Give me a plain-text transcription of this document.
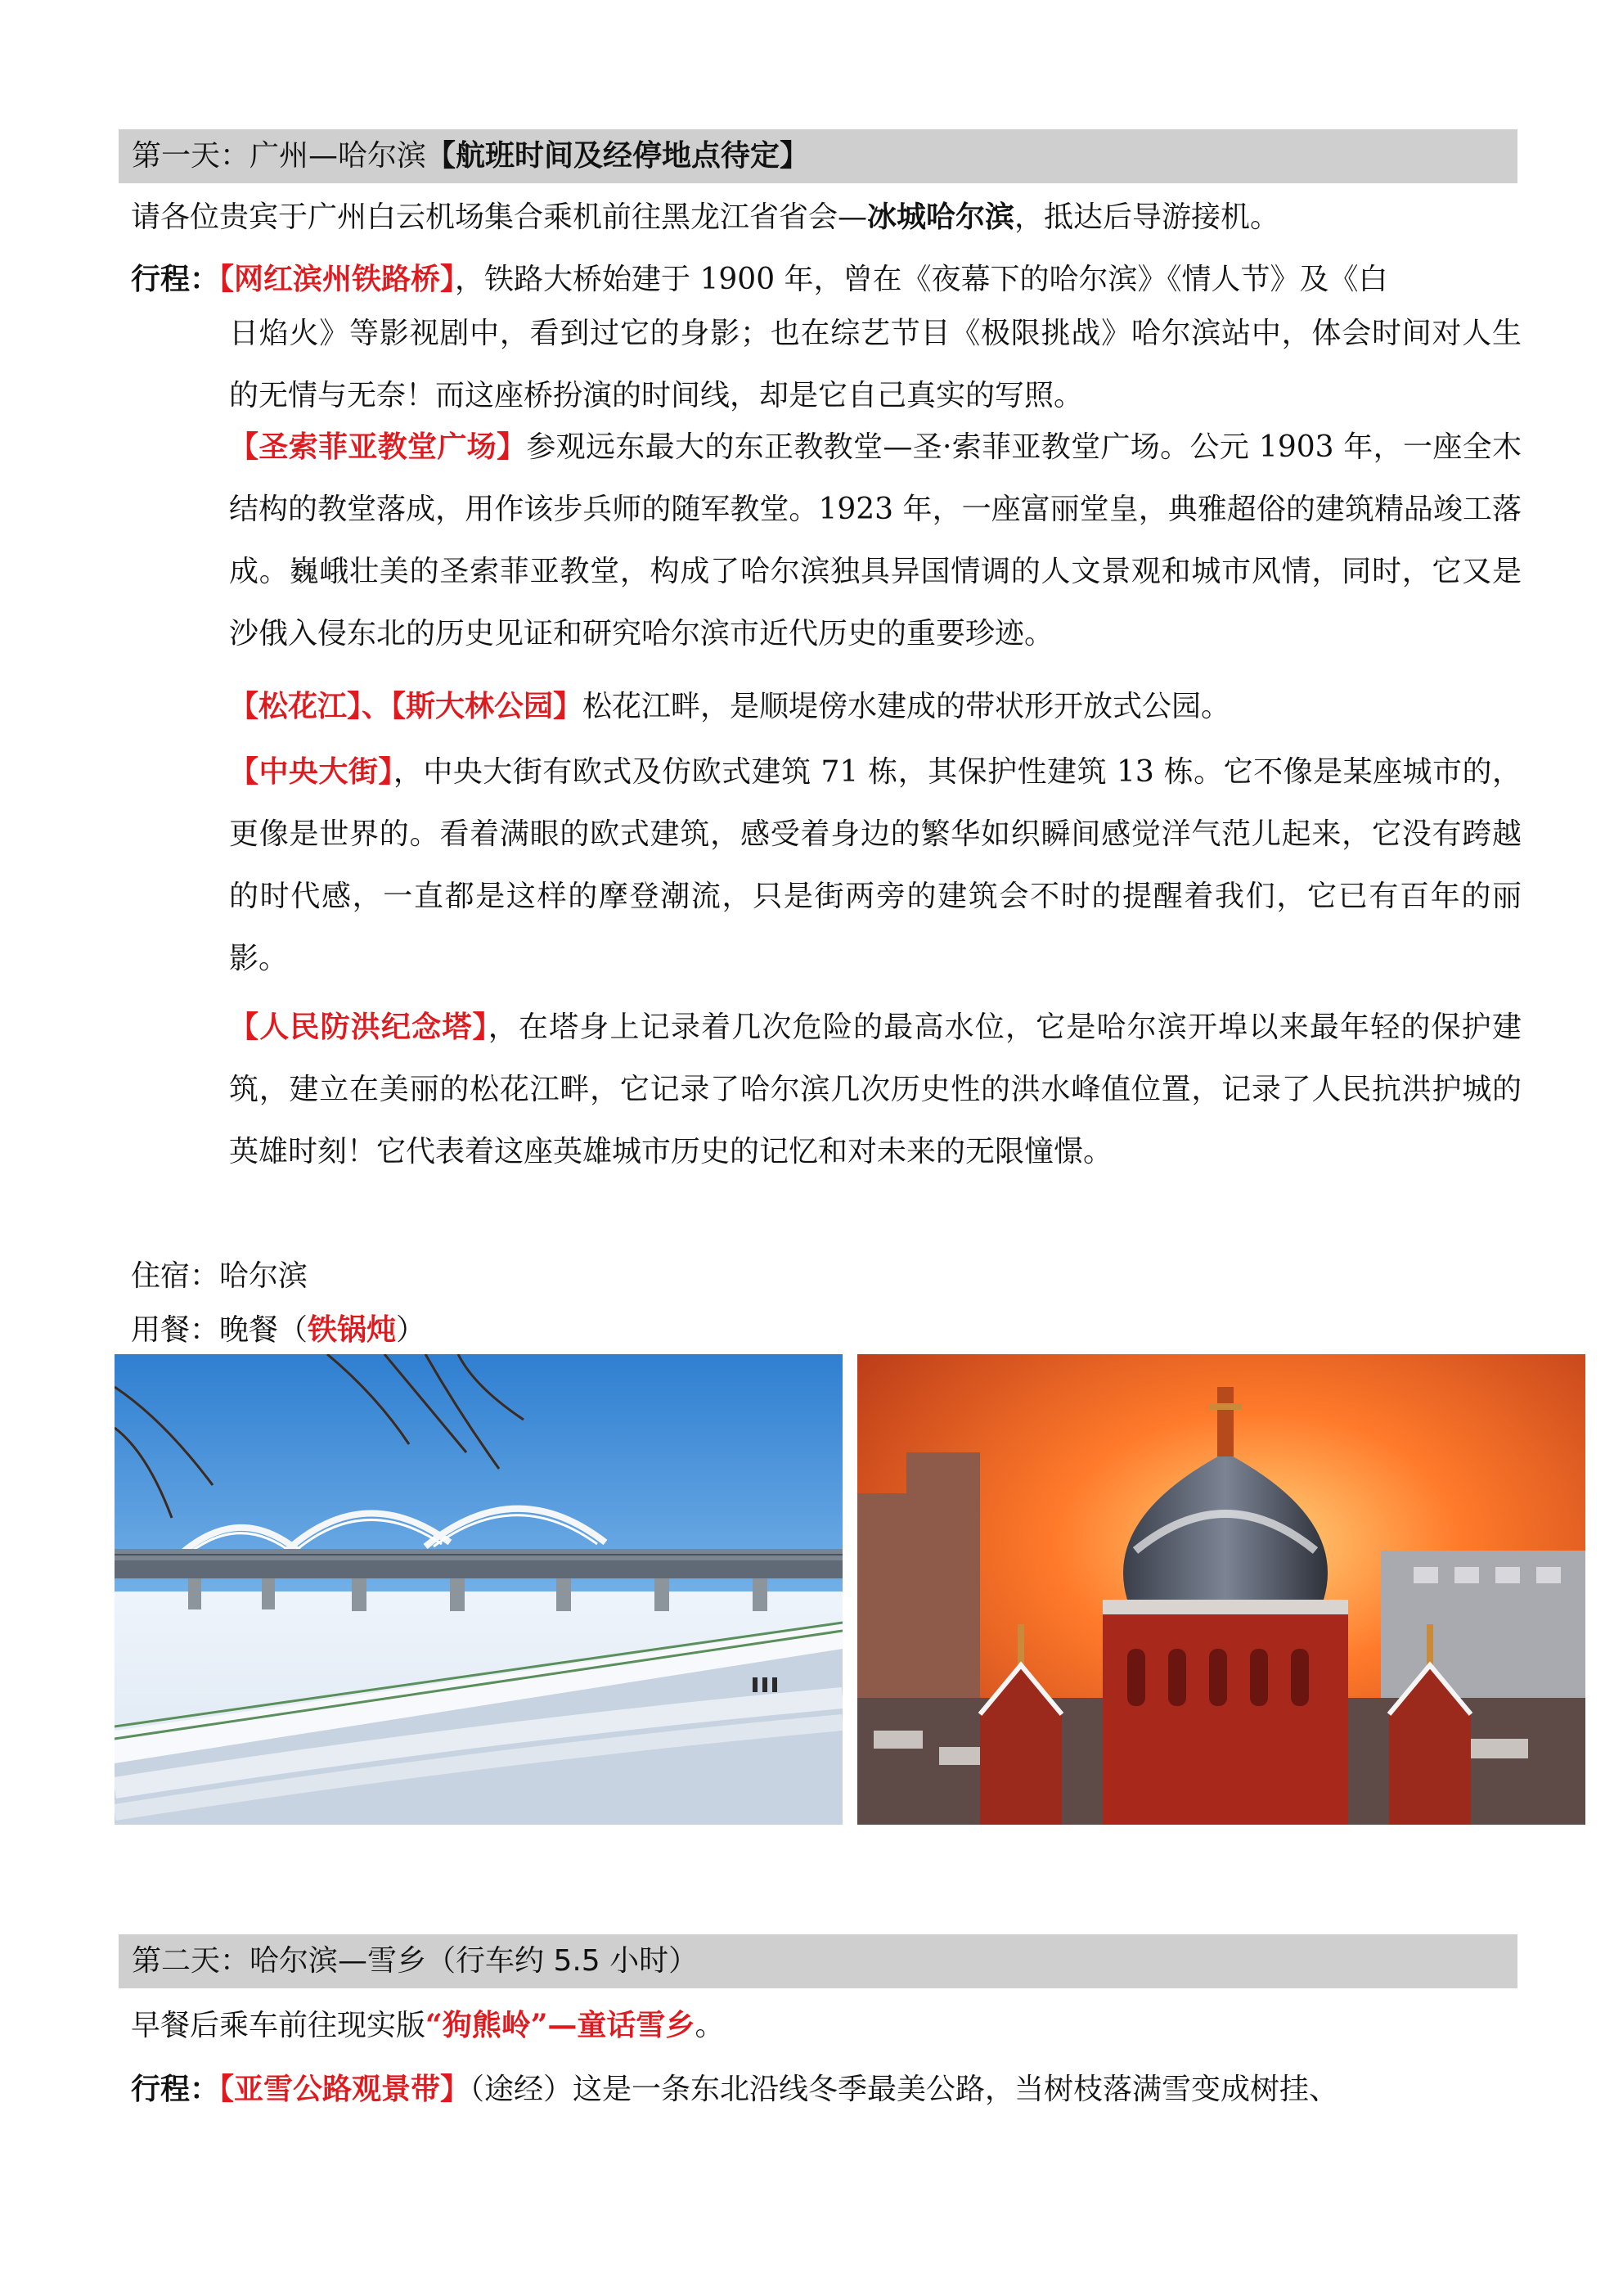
第一天：广州—哈尔滨【航班时间及经停地点待定】
请各位贵宾于广州白云机场集合乘机前往黑龙江省省会—冰城哈尔滨，抵达后导游接机。
行程：【网红滨州铁路桥】，铁路大桥始建于 1900 年，曾在《夜幕下的哈尔滨》《情人节》及《白
日焰火》等影视剧中，看到过它的身影；也在综艺节目《极限挑战》哈尔滨站中，体会时间对人生的无情与无奈！而这座桥扮演的时间线，却是它自己真实的写照。
【圣索菲亚教堂广场】参观远东最大的东正教教堂—圣·索菲亚教堂广场。公元 1903 年，一座全木结构的教堂落成，用作该步兵师的随军教堂。1923 年，一座富丽堂皇，典雅超俗的建筑精品竣工落成。巍峨壮美的圣索菲亚教堂，构成了哈尔滨独具异国情调的人文景观和城市风情，同时，它又是沙俄入侵东北的历史见证和研究哈尔滨市近代历史的重要珍迹。
【松花江】、【斯大林公园】松花江畔，是顺堤傍水建成的带状形开放式公园。
【中央大街】，中央大街有欧式及仿欧式建筑 71 栋，其保护性建筑 13 栋。它不像是某座城市的，更像是世界的。看着满眼的欧式建筑，感受着身边的繁华如织瞬间感觉洋气范儿起来，它没有跨越的时代感，一直都是这样的摩登潮流，只是街两旁的建筑会不时的提醒着我们，它已有百年的丽影。
【人民防洪纪念塔】，在塔身上记录着几次危险的最高水位，它是哈尔滨开埠以来最年轻的保护建筑，建立在美丽的松花江畔，它记录了哈尔滨几次历史性的洪水峰值位置，记录了人民抗洪护城的英雄时刻！它代表着这座英雄城市历史的记忆和对未来的无限憧憬。
住宿：哈尔滨
用餐：晚餐（铁锅炖）
第二天：哈尔滨—雪乡（行车约 5.5 小时）
早餐后乘车前往现实版“狗熊岭”—童话雪乡。
行程：【亚雪公路观景带】（途经）这是一条东北沿线冬季最美公路，当树枝落满雪变成树挂、
